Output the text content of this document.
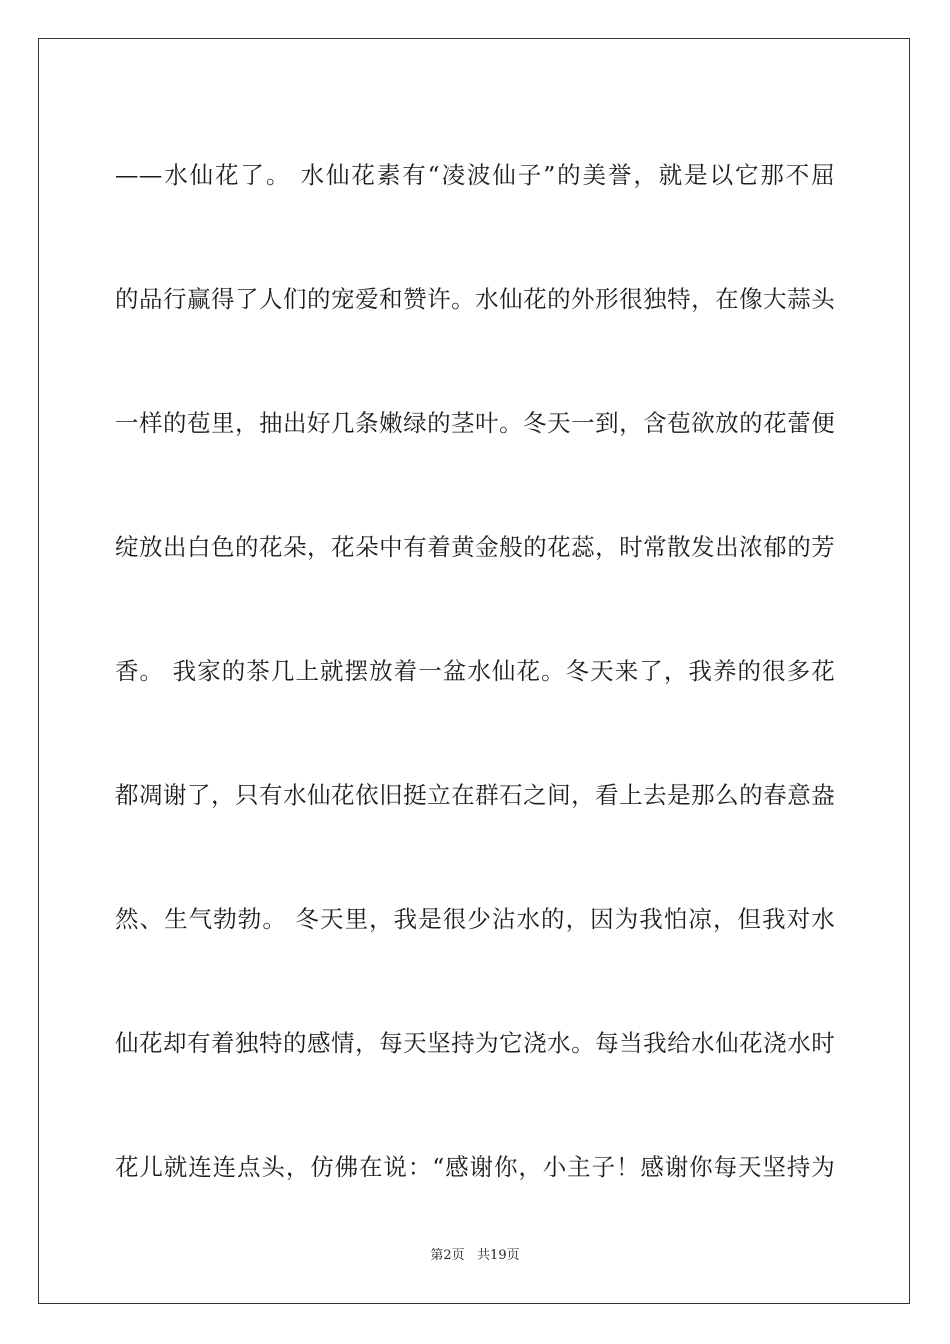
——水仙花了。 水仙花素有“凌波仙子”的美誉，就是以它那不屈

的品行赢得了人们的宠爱和赞许。水仙花的外形很独特，在像大蒜头

一样的苞里，抽出好几条嫩绿的茎叶。冬天一到，含苞欲放的花蕾便

绽放出白色的花朵，花朵中有着黄金般的花蕊，时常散发出浓郁的芳

香。 我家的茶几上就摆放着一盆水仙花。冬天来了，我养的很多花

都凋谢了，只有水仙花依旧挺立在群石之间，看上去是那么的春意盎

然、生气勃勃。 冬天里，我是很少沾水的，因为我怕凉，但我对水

仙花却有着独特的感情，每天坚持为它浇水。每当我给水仙花浇水时

花儿就连连点头，仿佛在说：“感谢你，小主子！感谢你每天坚持为

第2页   共19页
